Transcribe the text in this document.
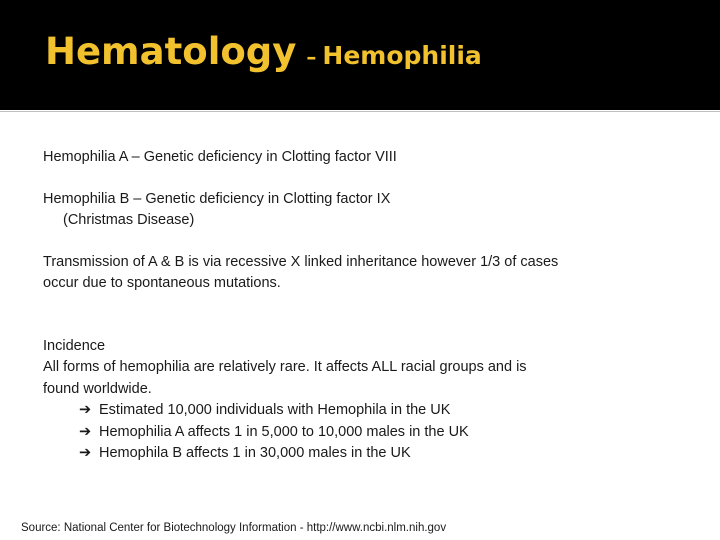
Hematology – Hemophilia

Hemophilia A – Genetic deficiency in Clotting factor VIII

Hemophilia B – Genetic deficiency in Clotting factor IX

(Christmas Disease)

Transmission of A & B is via recessive X linked inheritance however 1/3 of cases

occur due to spontaneous mutations.

Incidence

All forms of hemophilia are relatively rare. It affects ALL racial groups and is

found worldwide.

➔ Estimated 10,000 individuals with Hemophila in the UK

➔ Hemophilia A affects 1 in 5,000 to 10,000 males in the UK

➔ Hemophila B affects 1 in 30,000 males in the UK

Source: National Center for Biotechnology Information - http://www.ncbi.nlm.nih.gov
